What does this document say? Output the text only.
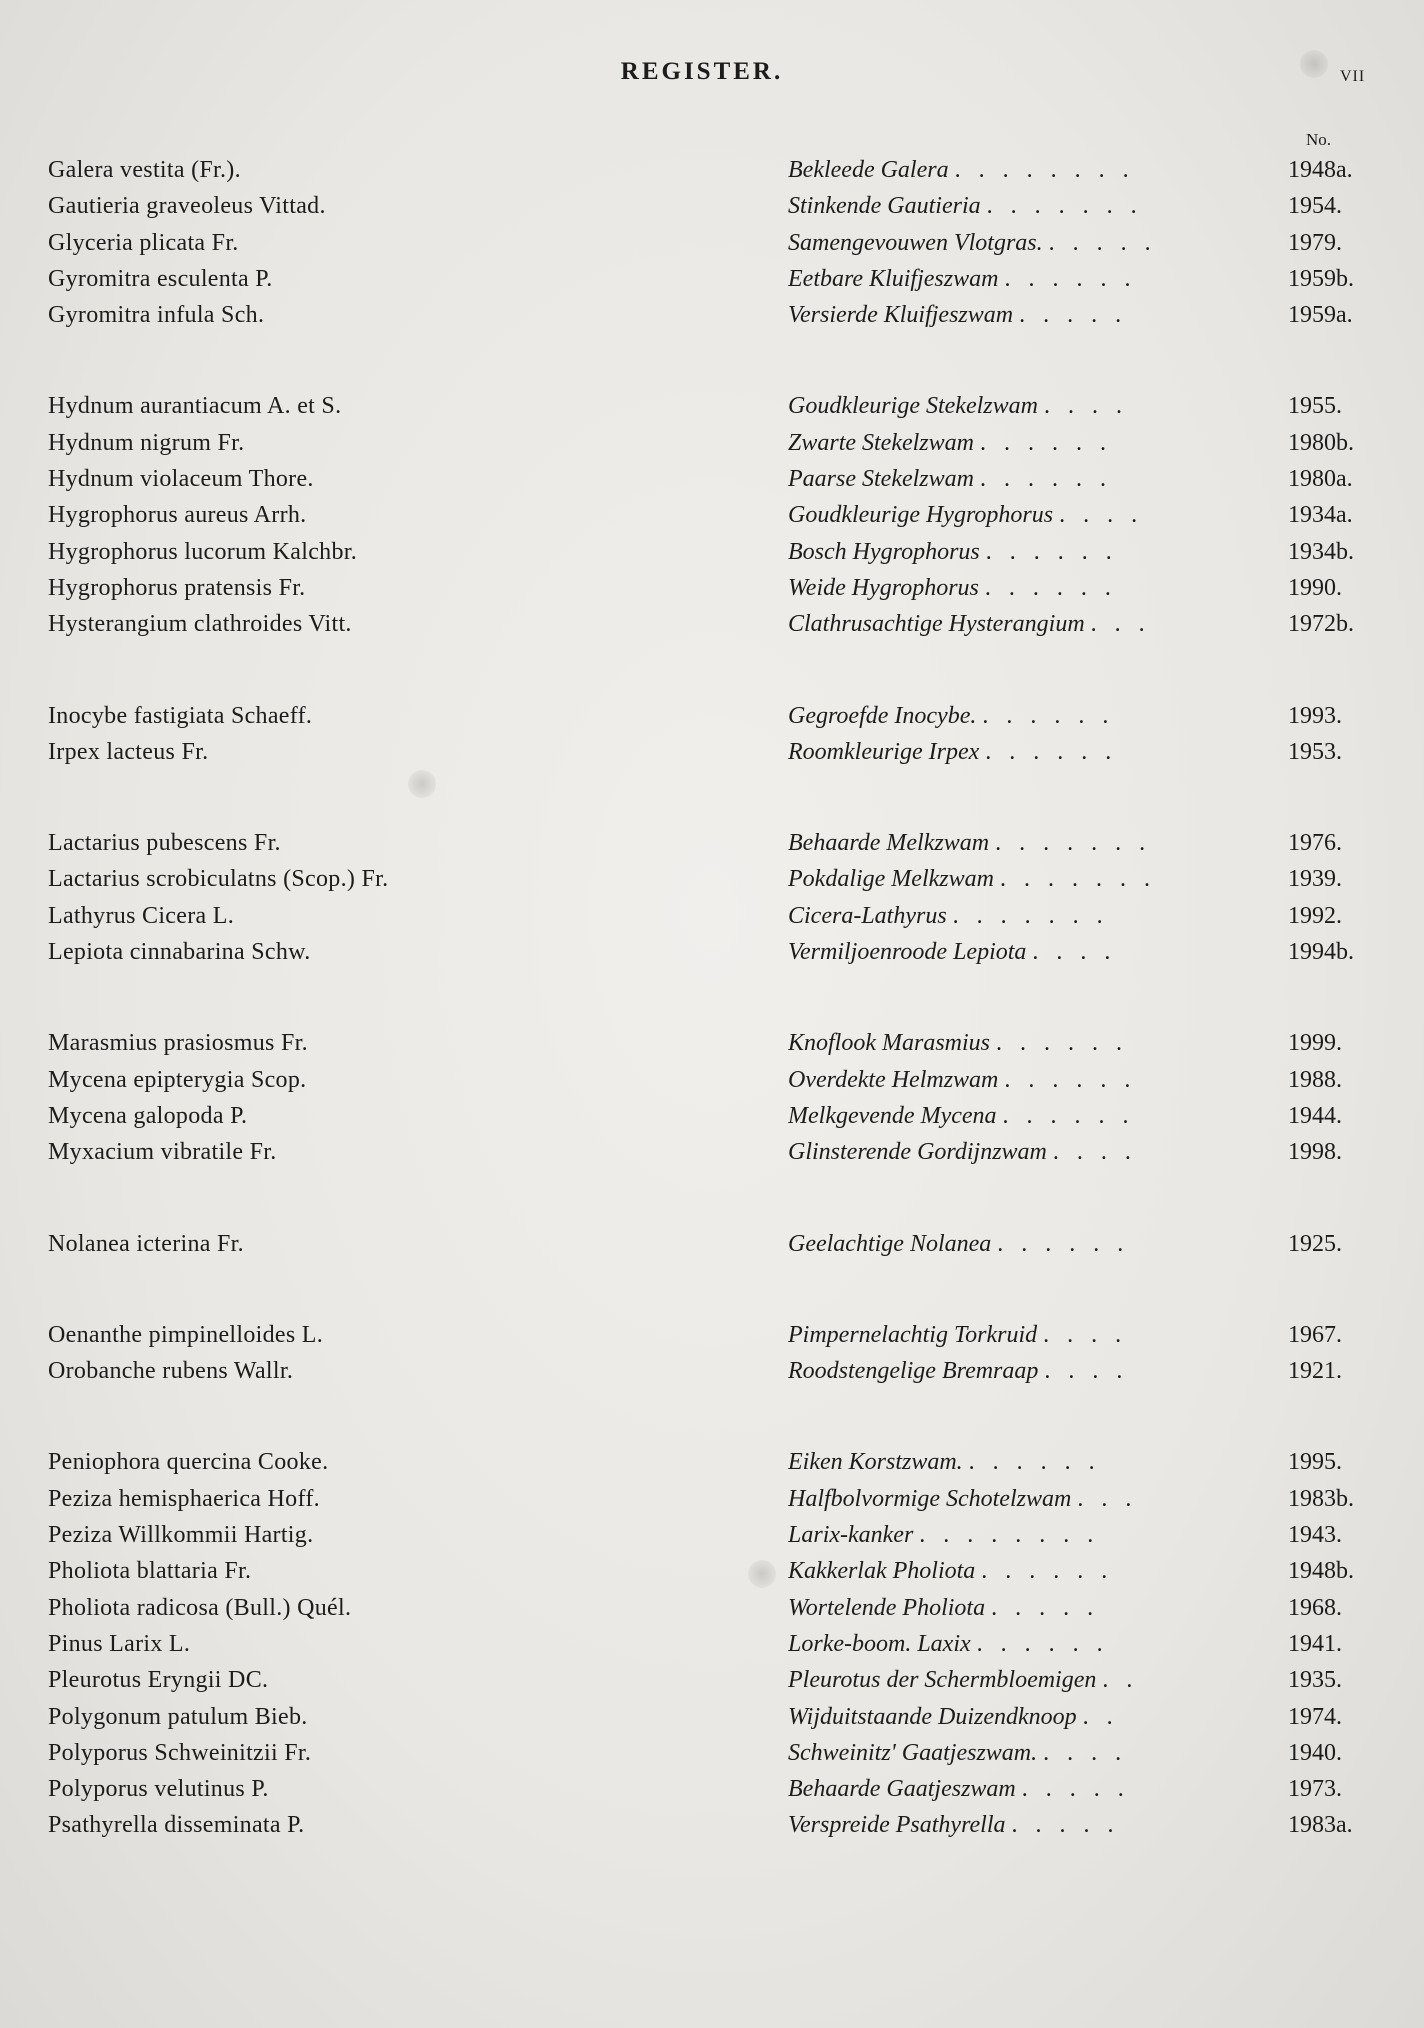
REGISTER.	VII
No.
Galera vestita (Fr.).	Bekleede Galera . . . . . . . .	1948a.
Gautieria graveoleus Vittad.	Stinkende Gautieria . . . . . . .	1954.
Glyceria plicata Fr.	Samengevouwen Vlotgras. . . . . .	1979.
Gyromitra esculenta P.	Eetbare Kluifjeszwam . . . . . .	1959b.
Gyromitra infula Sch.	Versierde Kluifjeszwam . . . . .	1959a.
Hydnum aurantiacum A. et S.	Goudkleurige Stekelzwam . . . .	1955.
Hydnum nigrum Fr.	Zwarte Stekelzwam . . . . . .	1980b.
Hydnum violaceum Thore.	Paarse Stekelzwam . . . . . .	1980a.
Hygrophorus aureus Arrh.	Goudkleurige Hygrophorus . . . .	1934a.
Hygrophorus lucorum Kalchbr.	Bosch Hygrophorus . . . . . .	1934b.
Hygrophorus pratensis Fr.	Weide Hygrophorus . . . . . .	1990.
Hysterangium clathroides Vitt.	Clathrusachtige Hysterangium . . .	1972b.
Inocybe fastigiata Schaeff.	Gegroefde Inocybe. . . . . . .	1993.
Irpex lacteus Fr.	Roomkleurige Irpex . . . . . .	1953.
Lactarius pubescens Fr.	Behaarde Melkzwam . . . . . . .	1976.
Lactarius scrobiculatns (Scop.) Fr.	Pokdalige Melkzwam . . . . . . .	1939.
Lathyrus Cicera L.	Cicera-Lathyrus . . . . . . .	1992.
Lepiota cinnabarina Schw.	Vermiljoenroode Lepiota . . . .	1994b.
Marasmius prasiosmus Fr.	Knoflook Marasmius . . . . . .	1999.
Mycena epipterygia Scop.	Overdekte Helmzwam . . . . . .	1988.
Mycena galopoda P.	Melkgevende Mycena . . . . . .	1944.
Myxacium vibratile Fr.	Glinsterende Gordijnzwam . . . .	1998.
Nolanea icterina Fr.	Geelachtige Nolanea . . . . . .	1925.
Oenanthe pimpinelloides L.	Pimpernelachtig Torkruid . . . .	1967.
Orobanche rubens Wallr.	Roodstengelige Bremraap . . . .	1921.
Peniophora quercina Cooke.	Eiken Korstzwam. . . . . . .	1995.
Peziza hemisphaerica Hoff.	Halfbolvormige Schotelzwam . . .	1983b.
Peziza Willkommii Hartig.	Larix-kanker . . . . . . . .	1943.
Pholiota blattaria Fr.	Kakkerlak Pholiota . . . . . .	1948b.
Pholiota radicosa (Bull.) Quél.	Wortelende Pholiota . . . . .	1968.
Pinus Larix L.	Lorke-boom. Laxix . . . . . .	1941.
Pleurotus Eryngii DC.	Pleurotus der Schermbloemigen . .	1935.
Polygonum patulum Bieb.	Wijduitstaande Duizendknoop . .	1974.
Polyporus Schweinitzii Fr.	Schweinitz' Gaatjeszwam. . . . .	1940.
Polyporus velutinus P.	Behaarde Gaatjeszwam . . . . .	1973.
Psathyrella disseminata P.	Verspreide Psathyrella . . . . .	1983a.
